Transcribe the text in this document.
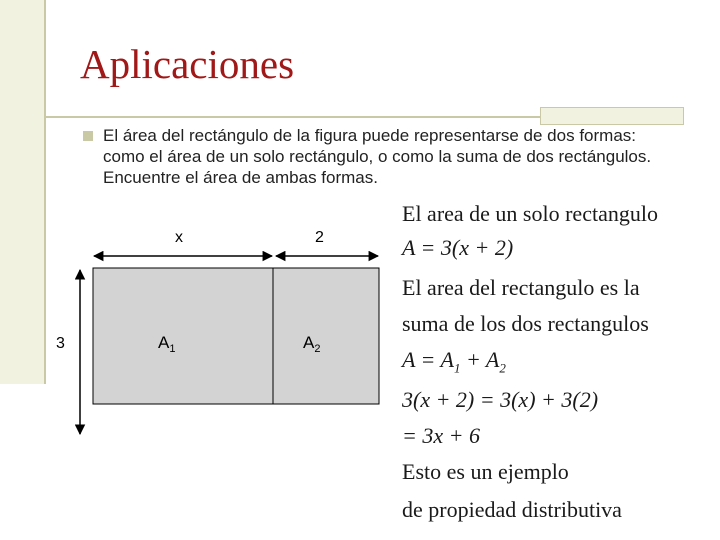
Aplicaciones
El área del rectángulo de la figura puede representarse de dos formas: como el área de un solo rectángulo, o como la suma de dos rectángulos. Encuentre el área de ambas formas.
x	2
3	$A_1$	$A_2$
El area de un solo rectangulo
A = 3(x + 2)
El area del rectangulo es la
suma de los dos rectangulos
$A = A_1 + A_2$
3(x + 2) = 3(x) + 3(2)
= 3x + 6
Esto es un ejemplo
de propiedad distributiva
